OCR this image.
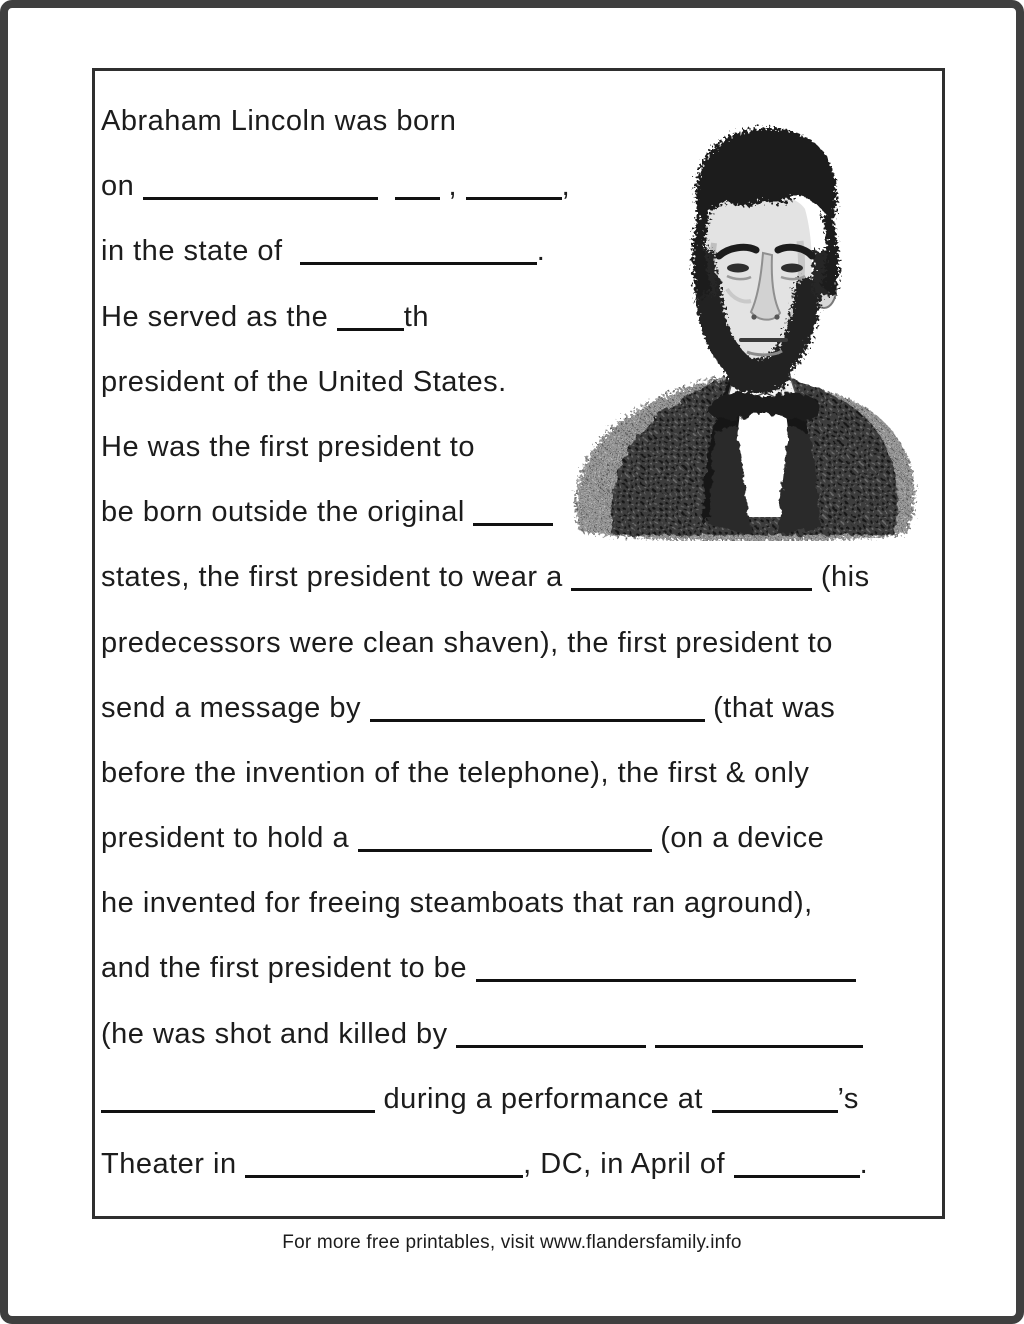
Abraham Lincoln was born
on	,	,
in the state of	.
He served as the th
president of the United States.
He was the first president to
be born outside the original
states, the first president to wear a	(his
predecessors were clean shaven), the first president to
send a message by	(that was
before the invention of the telephone), the first & only
president to hold a	(on a device
he invented for freeing steamboats that ran aground),
and the first president to be
(he was shot and killed by
during a performance at	’s
Theater in	, DC, in April of	.
For more free printables, visit www.flandersfamily.info
